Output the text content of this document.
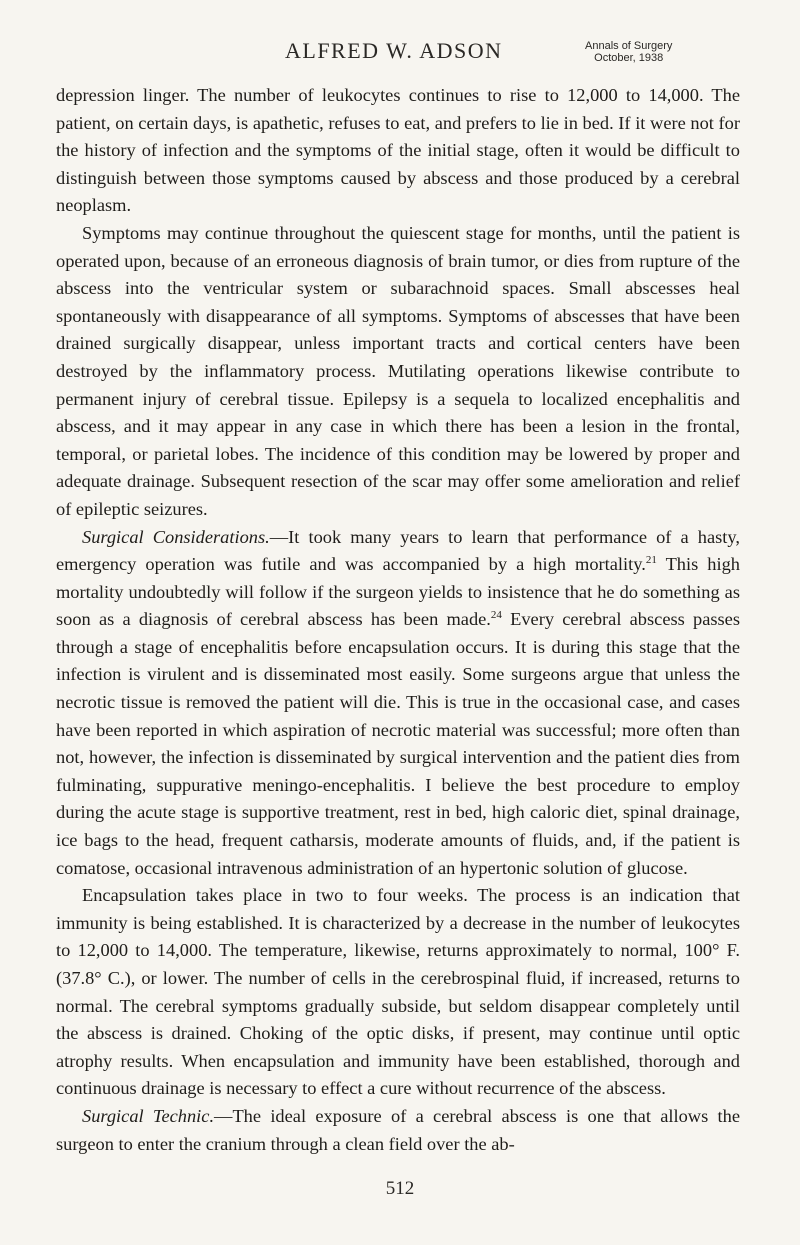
ALFRED W. ADSON	Annals of Surgery
October, 1938

depression linger. The number of leukocytes continues to rise to 12,000 to 14,000. The patient, on certain days, is apathetic, refuses to eat, and prefers to lie in bed. If it were not for the history of infection and the symptoms of the initial stage, often it would be difficult to distinguish between those symptoms caused by abscess and those produced by a cerebral neoplasm.

Symptoms may continue throughout the quiescent stage for months, until the patient is operated upon, because of an erroneous diagnosis of brain tumor, or dies from rupture of the abscess into the ventricular system or subarachnoid spaces. Small abscesses heal spontaneously with disappearance of all symptoms. Symptoms of abscesses that have been drained surgically disappear, unless important tracts and cortical centers have been destroyed by the inflammatory process. Mutilating operations likewise contribute to permanent injury of cerebral tissue. Epilepsy is a sequela to localized encephalitis and abscess, and it may appear in any case in which there has been a lesion in the frontal, temporal, or parietal lobes. The incidence of this condition may be lowered by proper and adequate drainage. Subsequent resection of the scar may offer some amelioration and relief of epileptic seizures.

Surgical Considerations.—It took many years to learn that performance of a hasty, emergency operation was futile and was accompanied by a high mortality.$^{21}$ This high mortality undoubtedly will follow if the surgeon yields to insistence that he do something as soon as a diagnosis of cerebral abscess has been made.$^{24}$ Every cerebral abscess passes through a stage of encephalitis before encapsulation occurs. It is during this stage that the infection is virulent and is disseminated most easily. Some surgeons argue that unless the necrotic tissue is removed the patient will die. This is true in the occasional case, and cases have been reported in which aspiration of necrotic material was successful; more often than not, however, the infection is disseminated by surgical intervention and the patient dies from fulminating, suppurative meningo-encephalitis. I believe the best procedure to employ during the acute stage is supportive treatment, rest in bed, high caloric diet, spinal drainage, ice bags to the head, frequent catharsis, moderate amounts of fluids, and, if the patient is comatose, occasional intravenous administration of an hypertonic solution of glucose.

Encapsulation takes place in two to four weeks. The process is an indication that immunity is being established. It is characterized by a decrease in the number of leukocytes to 12,000 to 14,000. The temperature, likewise, returns approximately to normal, 100° F. (37.8° C.), or lower. The number of cells in the cerebrospinal fluid, if increased, returns to normal. The cerebral symptoms gradually subside, but seldom disappear completely until the abscess is drained. Choking of the optic disks, if present, may continue until optic atrophy results. When encapsulation and immunity have been established, thorough and continuous drainage is necessary to effect a cure without recurrence of the abscess.

Surgical Technic.—The ideal exposure of a cerebral abscess is one that allows the surgeon to enter the cranium through a clean field over the ab-

512
